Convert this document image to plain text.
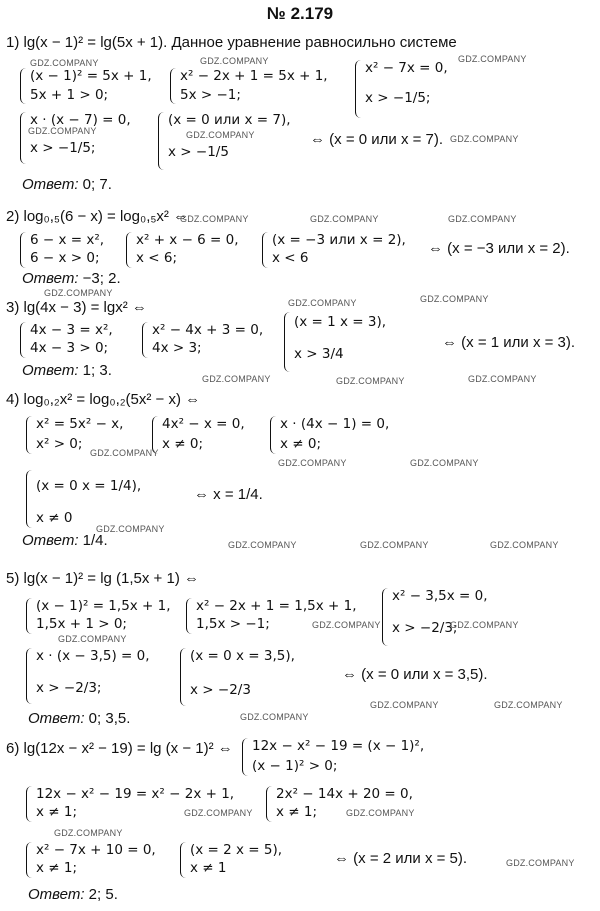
№ 2.179
1) lg(x − 1)² = lg(5x + 1). Данное уравнение равносильно системе
(x − 1)² = 5x + 1,
5x + 1 > 0;
x² − 2x + 1 = 5x + 1,
5x > −1;
x² − 7x = 0,
x > −1/5;
x · (x − 7) = 0,
x > −1/5;
(x = 0 или x = 7),
x > −1/5
⇔ (x = 0 или x = 7).
Ответ: 0; 7.
2) log₀,₅(6 − x) = log₀,₅x² ⇔
6 − x = x²,
6 − x > 0;
x² + x − 6 = 0,
x < 6;
(x = −3 или x = 2),
x < 6
⇔ (x = −3 или x = 2).
Ответ: −3; 2.
3) lg(4x − 3) = lgx² ⇔
4x − 3 = x²,
4x − 3 > 0;
x² − 4x + 3 = 0,
4x > 3;
(x = 1 x = 3),
x > 3/4
⇔ (x = 1 или x = 3).
Ответ: 1; 3.
4) log₀,₂x² = log₀,₂(5x² − x) ⇔
x² = 5x² − x,
x² > 0;
4x² − x = 0,
x ≠ 0;
x · (4x − 1) = 0,
x ≠ 0;
(x = 0 x = 1/4),
x ≠ 0
⇔ x = 1/4.
Ответ: 1/4.
5) lg(x − 1)² = lg (1,5x + 1) ⇔
(x − 1)² = 1,5x + 1,
1,5x + 1 > 0;
x² − 2x + 1 = 1,5x + 1,
1,5x > −1;
x² − 3,5x = 0,
x > −2/3;
x · (x − 3,5) = 0,
x > −2/3;
(x = 0 x = 3,5),
x > −2/3
⇔ (x = 0 или x = 3,5).
Ответ: 0; 3,5.
6) lg(12x − x² − 19) = lg (x − 1)² ⇔ 12x − x² − 19 = (x − 1)²,
(x − 1)² > 0;
12x − x² − 19 = x² − 2x + 1,
x ≠ 1;
2x² − 14x + 20 = 0,
x ≠ 1;
x² − 7x + 10 = 0,
x ≠ 1;
(x = 2 x = 5),
x ≠ 1
⇔ (x = 2 или x = 5).
Ответ: 2; 5.
GDZ.COMPANY	GDZ.COMPANY	GDZ.COMPANY
GDZ.COMPANY	GDZ.COMPANY	GDZ.COMPANY
GDZ.COMPANY	GDZ.COMPANY	GDZ.COMPANY
GDZ.COMPANY
GDZ.COMPANY	GDZ.COMPANY
GDZ.COMPANY	GDZ.COMPANY	GDZ.COMPANY
GDZ.COMPANY
GDZ.COMPANY	GDZ.COMPANY
GDZ.COMPANY
GDZ.COMPANY	GDZ.COMPANY	GDZ.COMPANY
GDZ.COMPANY	GDZ.COMPANY
GDZ.COMPANY
GDZ.COMPANY	GDZ.COMPANY
GDZ.COMPANY
GDZ.COMPANY	GDZ.COMPANY
GDZ.COMPANY
GDZ.COMPANY
